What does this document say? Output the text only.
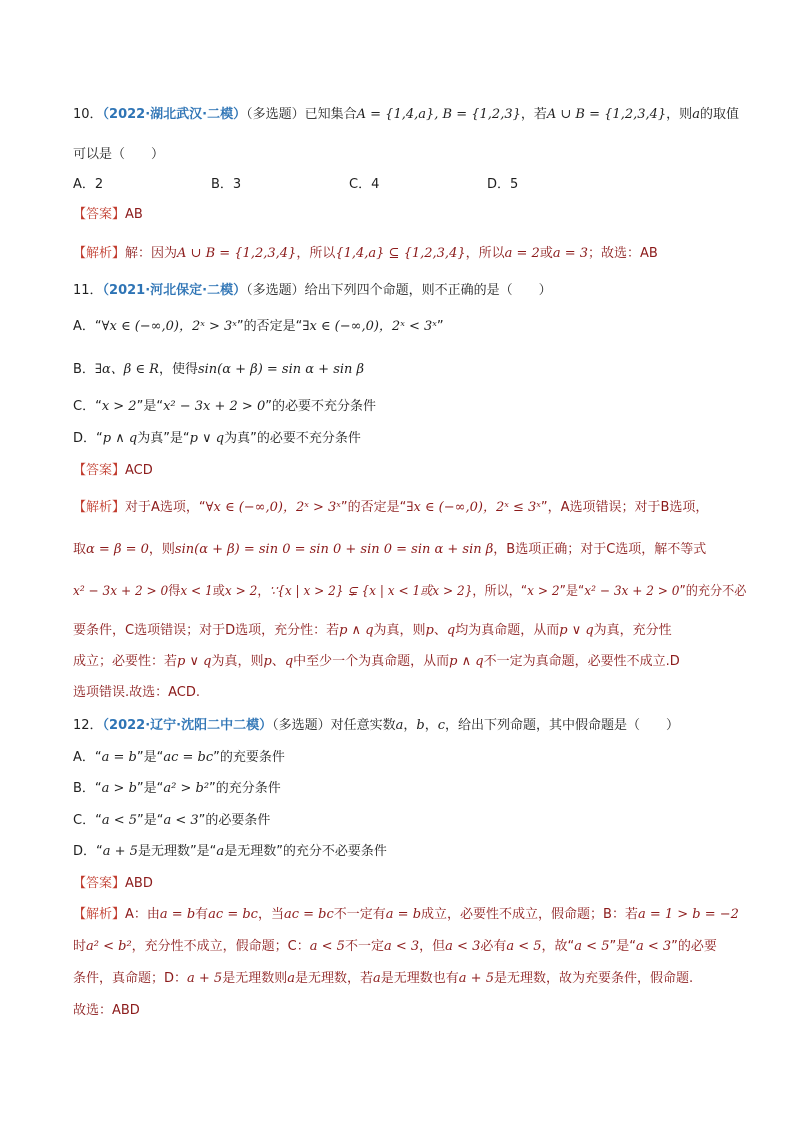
10．（2022·湖北武汉·二模）（多选题）已知集合A = {1,4,a}, B = {1,2,3}，若A ∪ B = {1,2,3,4}，则a的取值
可以是（　　）
A．2	B．3	C．4	D．5
【答案】AB
【解析】解：因为A ∪ B = {1,2,3,4}，所以{1,4,a} ⊆ {1,2,3,4}，所以a = 2或a = 3；故选：AB
11．（2021·河北保定·二模）（多选题）给出下列四个命题，则不正确的是（　　）
A．“∀x ∈ (−∞,0)，2ˣ > 3ˣ”的否定是“∃x ∈ (−∞,0)，2ˣ < 3ˣ”
B．∃α、β ∈ R，使得sin(α + β) = sin α + sin β
C．“x > 2”是“x² − 3x + 2 > 0”的必要不充分条件
D．“p ∧ q为真”是“p ∨ q为真”的必要不充分条件
【答案】ACD
【解析】对于A选项，“∀x ∈ (−∞,0)，2ˣ > 3ˣ”的否定是“∃x ∈ (−∞,0)，2ˣ ≤ 3ˣ”，A选项错误；对于B选项，
取α = β = 0，则sin(α + β) = sin 0 = sin 0 + sin 0 = sin α + sin β，B选项正确；对于C选项，解不等式
x² − 3x + 2 > 0得x < 1或x > 2，∵{x | x > 2} ⊊ {x | x < 1或x > 2}，所以，“x > 2”是“x² − 3x + 2 > 0”的充分不必
要条件，C选项错误；对于D选项，充分性：若p ∧ q为真，则p、q均为真命题，从而p ∨ q为真，充分性
成立；必要性：若p ∨ q为真，则p、q中至少一个为真命题，从而p ∧ q不一定为真命题，必要性不成立.D
选项错误.故选：ACD.
12．（2022·辽宁·沈阳二中二模）（多选题）对任意实数a，b，c，给出下列命题，其中假命题是（　　）
A．“a = b”是“ac = bc”的充要条件
B．“a > b”是“a² > b²”的充分条件
C．“a < 5”是“a < 3”的必要条件
D．“a + 5是无理数”是“a是无理数”的充分不必要条件
【答案】ABD
【解析】A：由a = b有ac = bc，当ac = bc不一定有a = b成立，必要性不成立，假命题；B：若a = 1 > b = −2
时a² < b²，充分性不成立，假命题；C：a < 5不一定a < 3，但a < 3必有a < 5，故“a < 5”是“a < 3”的必要
条件，真命题；D：a + 5是无理数则a是无理数，若a是无理数也有a + 5是无理数，故为充要条件，假命题.
故选：ABD
